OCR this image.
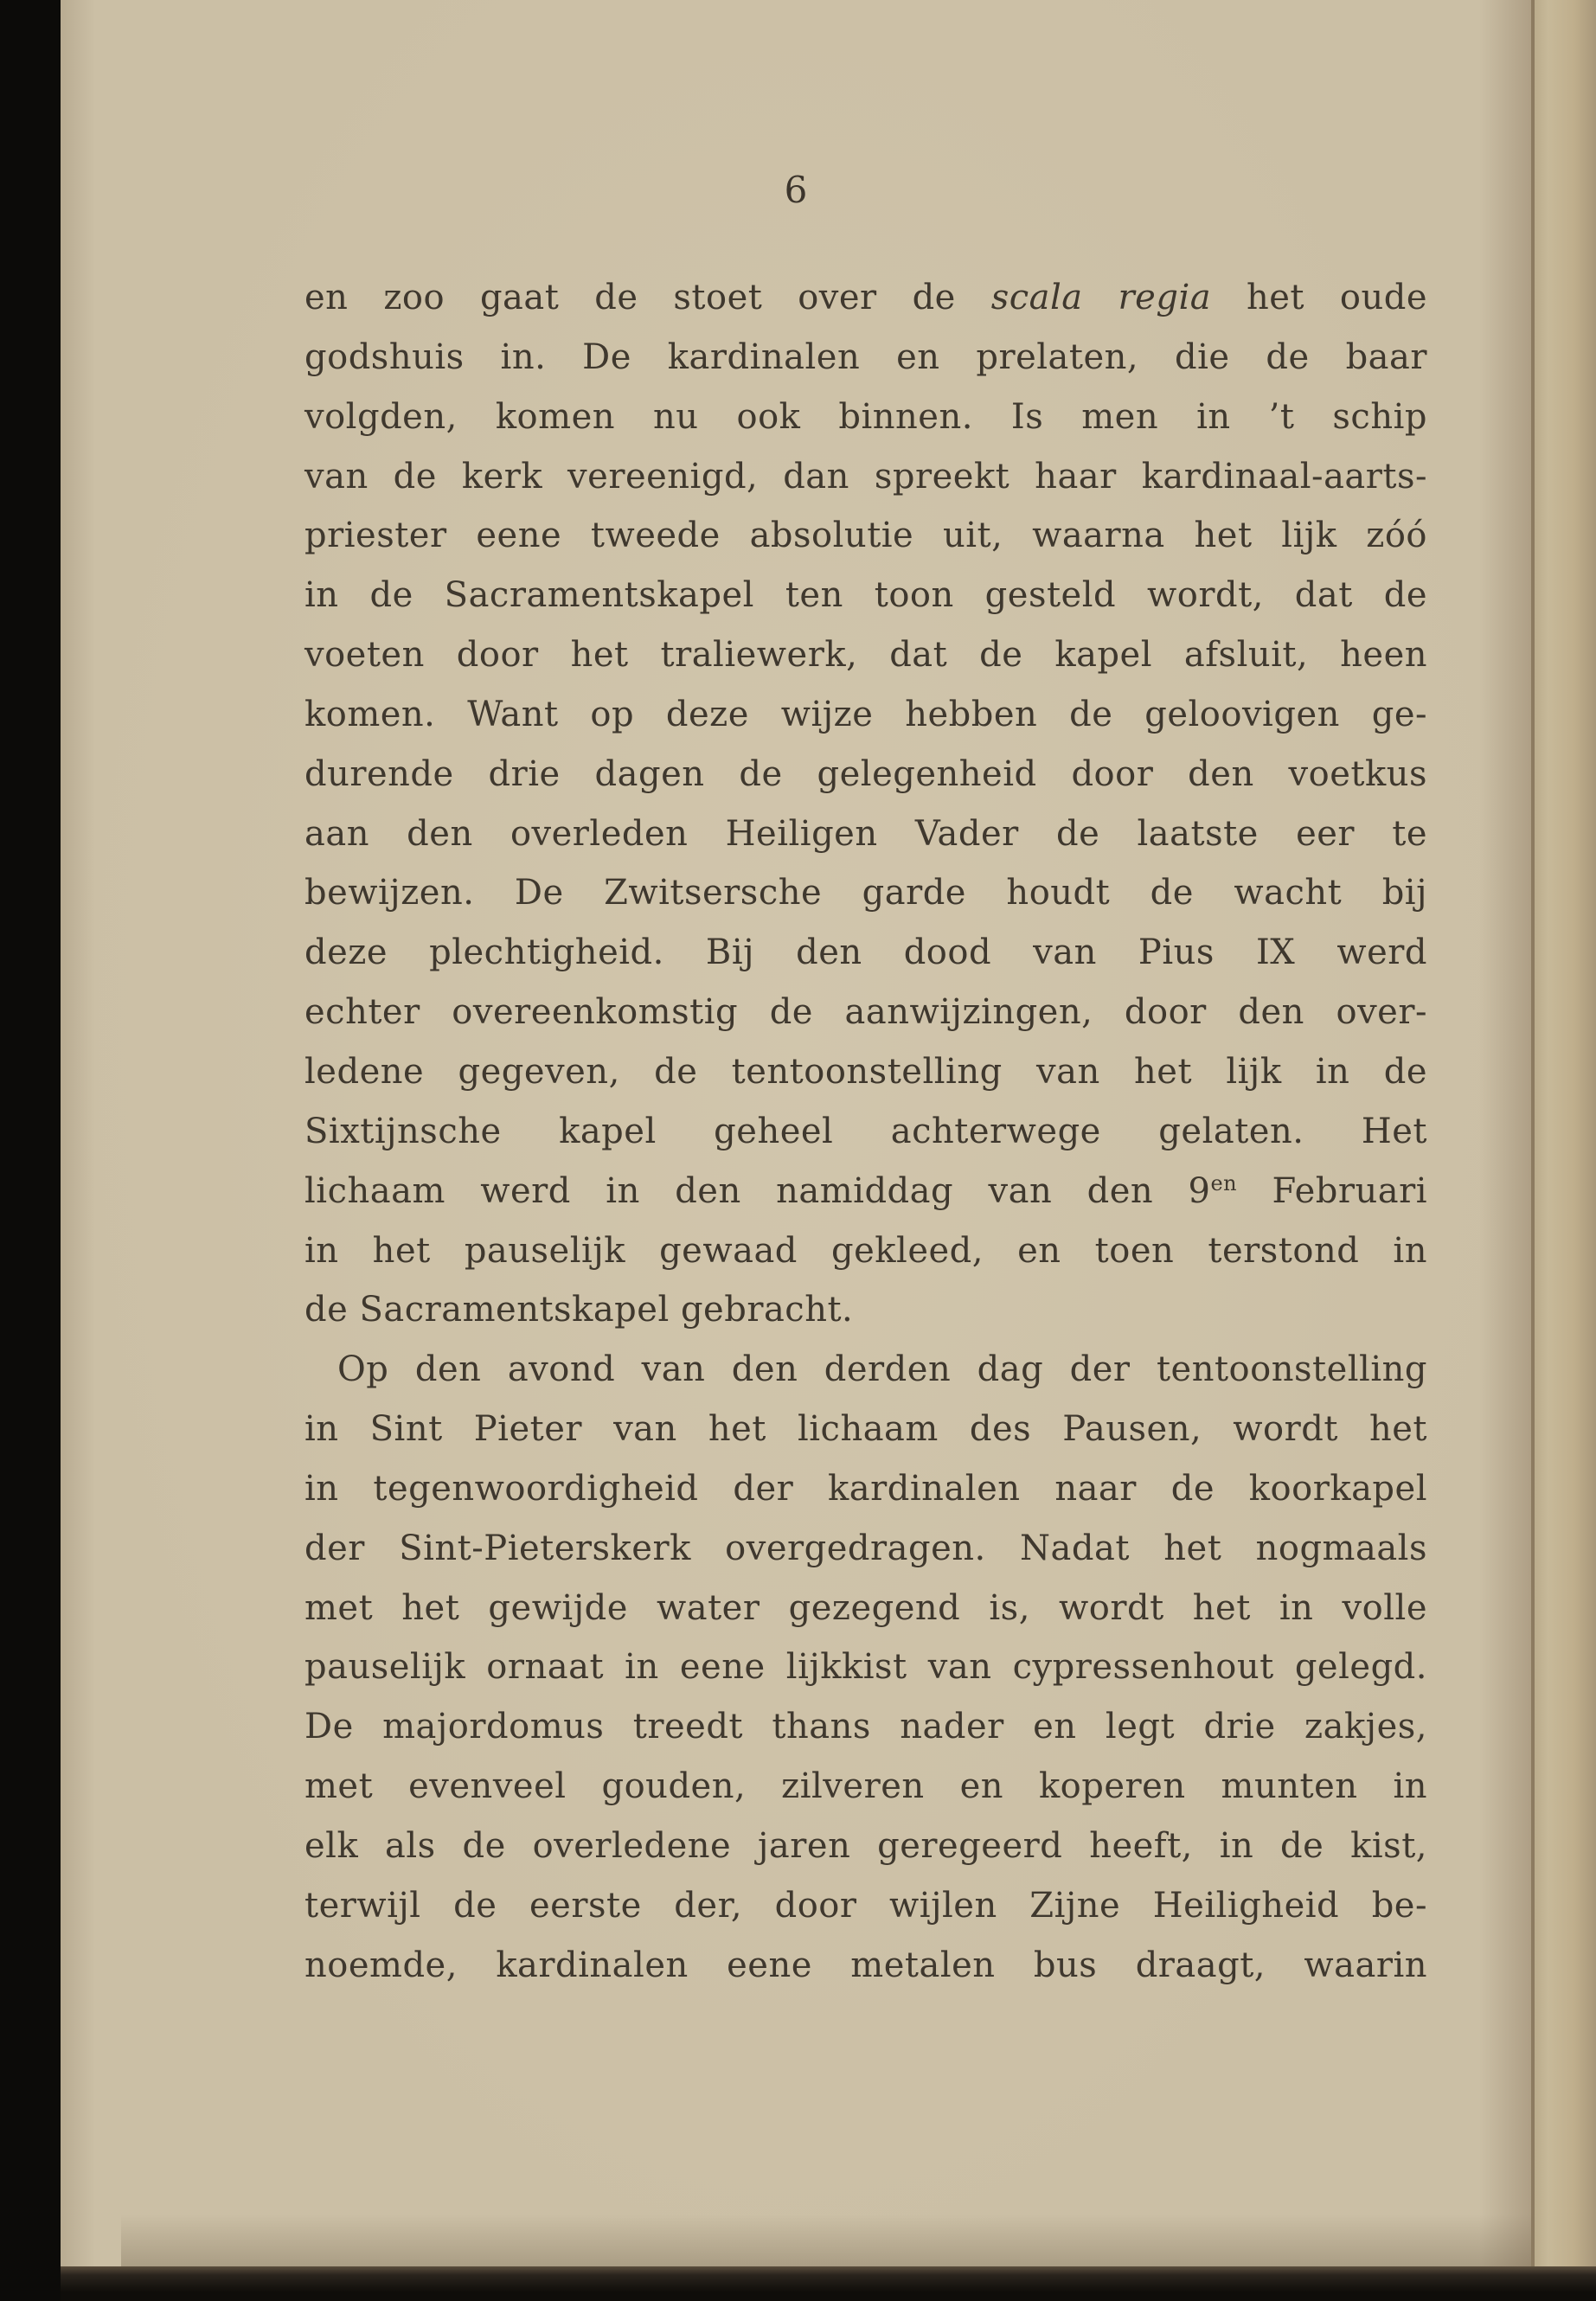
6
en zoo gaat de stoet over de scala regia het oude
godshuis in. De kardinalen en prelaten, die de baar
volgden, komen nu ook binnen. Is men in ’t schip
van de kerk vereenigd, dan spreekt haar kardinaal-aarts-
priester eene tweede absolutie uit, waarna het lijk zóó
in de Sacramentskapel ten toon gesteld wordt, dat de
voeten door het traliewerk, dat de kapel afsluit, heen
komen. Want op deze wijze hebben de geloovigen ge-
durende drie dagen de gelegenheid door den voetkus
aan den overleden Heiligen Vader de laatste eer te
bewijzen. De Zwitsersche garde houdt de wacht bij
deze plechtigheid. Bij den dood van Pius IX werd
echter overeenkomstig de aanwijzingen, door den over-
ledene gegeven, de tentoonstelling van het lijk in de
Sixtijnsche kapel geheel achterwege gelaten. Het
lichaam werd in den namiddag van den $9^{en}$ Februari
in het pauselijk gewaad gekleed, en toen terstond in
de Sacramentskapel gebracht.
Op den avond van den derden dag der tentoonstelling
in Sint Pieter van het lichaam des Pausen, wordt het
in tegenwoordigheid der kardinalen naar de koorkapel
der Sint-Pieterskerk overgedragen. Nadat het nogmaals
met het gewijde water gezegend is, wordt het in volle
pauselijk ornaat in eene lijkkist van cypressenhout gelegd.
De majordomus treedt thans nader en legt drie zakjes,
met evenveel gouden, zilveren en koperen munten in
elk als de overledene jaren geregeerd heeft, in de kist,
terwijl de eerste der, door wijlen Zijne Heiligheid be-
noemde, kardinalen eene metalen bus draagt, waarin
